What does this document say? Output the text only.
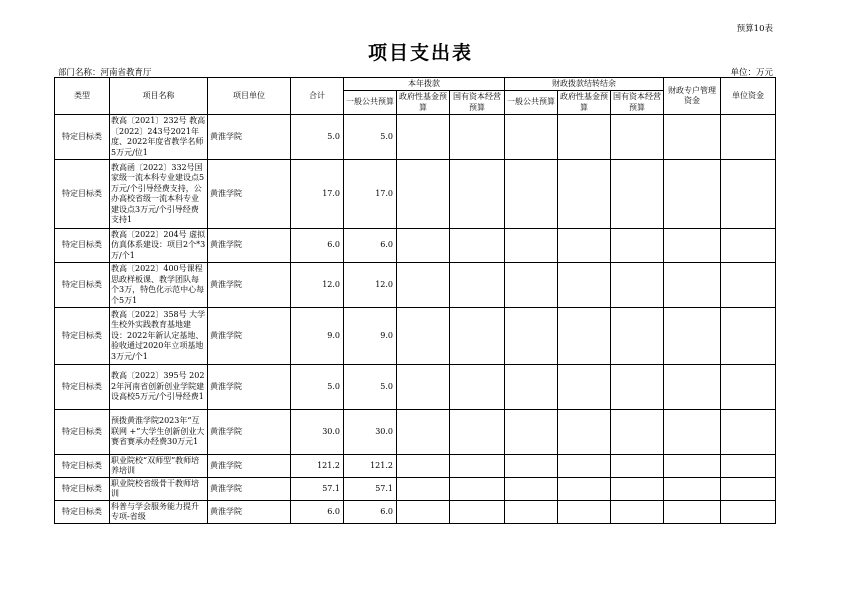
预算10表
项目支出表
部门名称：河南省教育厅	单位：万元
类型	项目名称	项目单位	合计	本年拨款			财政拨款结转结余			财政专户管理资金	单位资金
				一般公共预算	政府性基金预算	国有资本经营预算	一般公共预算	政府性基金预算	国有资本经营预算		
特定目标类	教高〔2021〕232号 教高〔2022〕243号2021年度、2022年度省教学名师5万元/位1	黄淮学院	5.0	5.0							
特定目标类	教高函〔2022〕332号国家级一流本科专业建设点5万元/个引导经费支持，公办高校省级一流本科专业建设点3万元/个引导经费支持1	黄淮学院	17.0	17.0							
特定目标类	教高〔2022〕204号 虚拟仿真体系建设：项目2个*3万/个1	黄淮学院	6.0	6.0							
特定目标类	教高〔2022〕400号课程思政样板课、教学团队每个3万，特色化示范中心每个5万1	黄淮学院	12.0	12.0							
特定目标类	教高〔2022〕358号 大学生校外实践教育基地建设：2022年新认定基地、验收通过2020年立项基地3万元/个1	黄淮学院	9.0	9.0							
特定目标类	教高〔2022〕395号 2022年河南省创新创业学院建设高校5万元/个引导经费1	黄淮学院	5.0	5.0							
特定目标类	预拨黄淮学院2023年“互联网 +”大学生创新创业大赛省赛承办经费30万元1	黄淮学院	30.0	30.0							
特定目标类	职业院校“双师型”教师培养培训	黄淮学院	121.2	121.2							
特定目标类	职业院校省级骨干教师培训	黄淮学院	57.1	57.1							
特定目标类	科普与学会服务能力提升专项-省级	黄淮学院	6.0	6.0							
